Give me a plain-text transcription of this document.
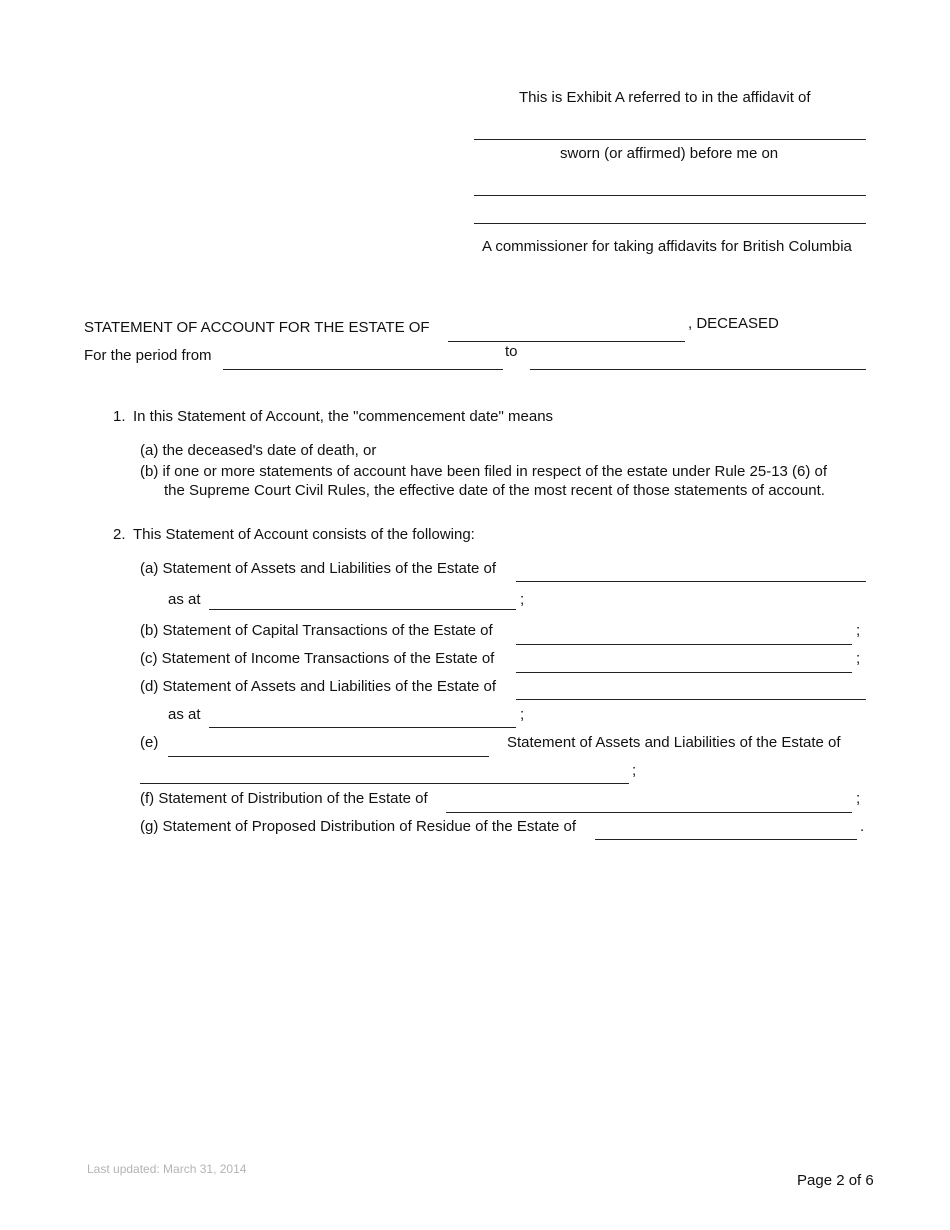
This is Exhibit A referred to in the affidavit of
sworn (or affirmed) before me on
A commissioner for taking affidavits for British Columbia
STATEMENT OF ACCOUNT FOR THE ESTATE OF	, DECEASED
For the period from	to
1. In this Statement of Account, the "commencement date" means
(a) the deceased's date of death, or
(b) if one or more statements of account have been filed in respect of the estate under Rule 25-13 (6) of
the Supreme Court Civil Rules, the effective date of the most recent of those statements of account.
2. This Statement of Account consists of the following:
(a) Statement of Assets and Liabilities of the Estate of
as at	;
(b) Statement of Capital Transactions of the Estate of	;
(c) Statement of Income Transactions of the Estate of	;
(d) Statement of Assets and Liabilities of the Estate of
as at	;
(e)	Statement of Assets and Liabilities of the Estate of
;
(f) Statement of Distribution of the Estate of	;
(g) Statement of Proposed Distribution of Residue of the Estate of	.
Last updated: March 31, 2014
Page 2 of 6
